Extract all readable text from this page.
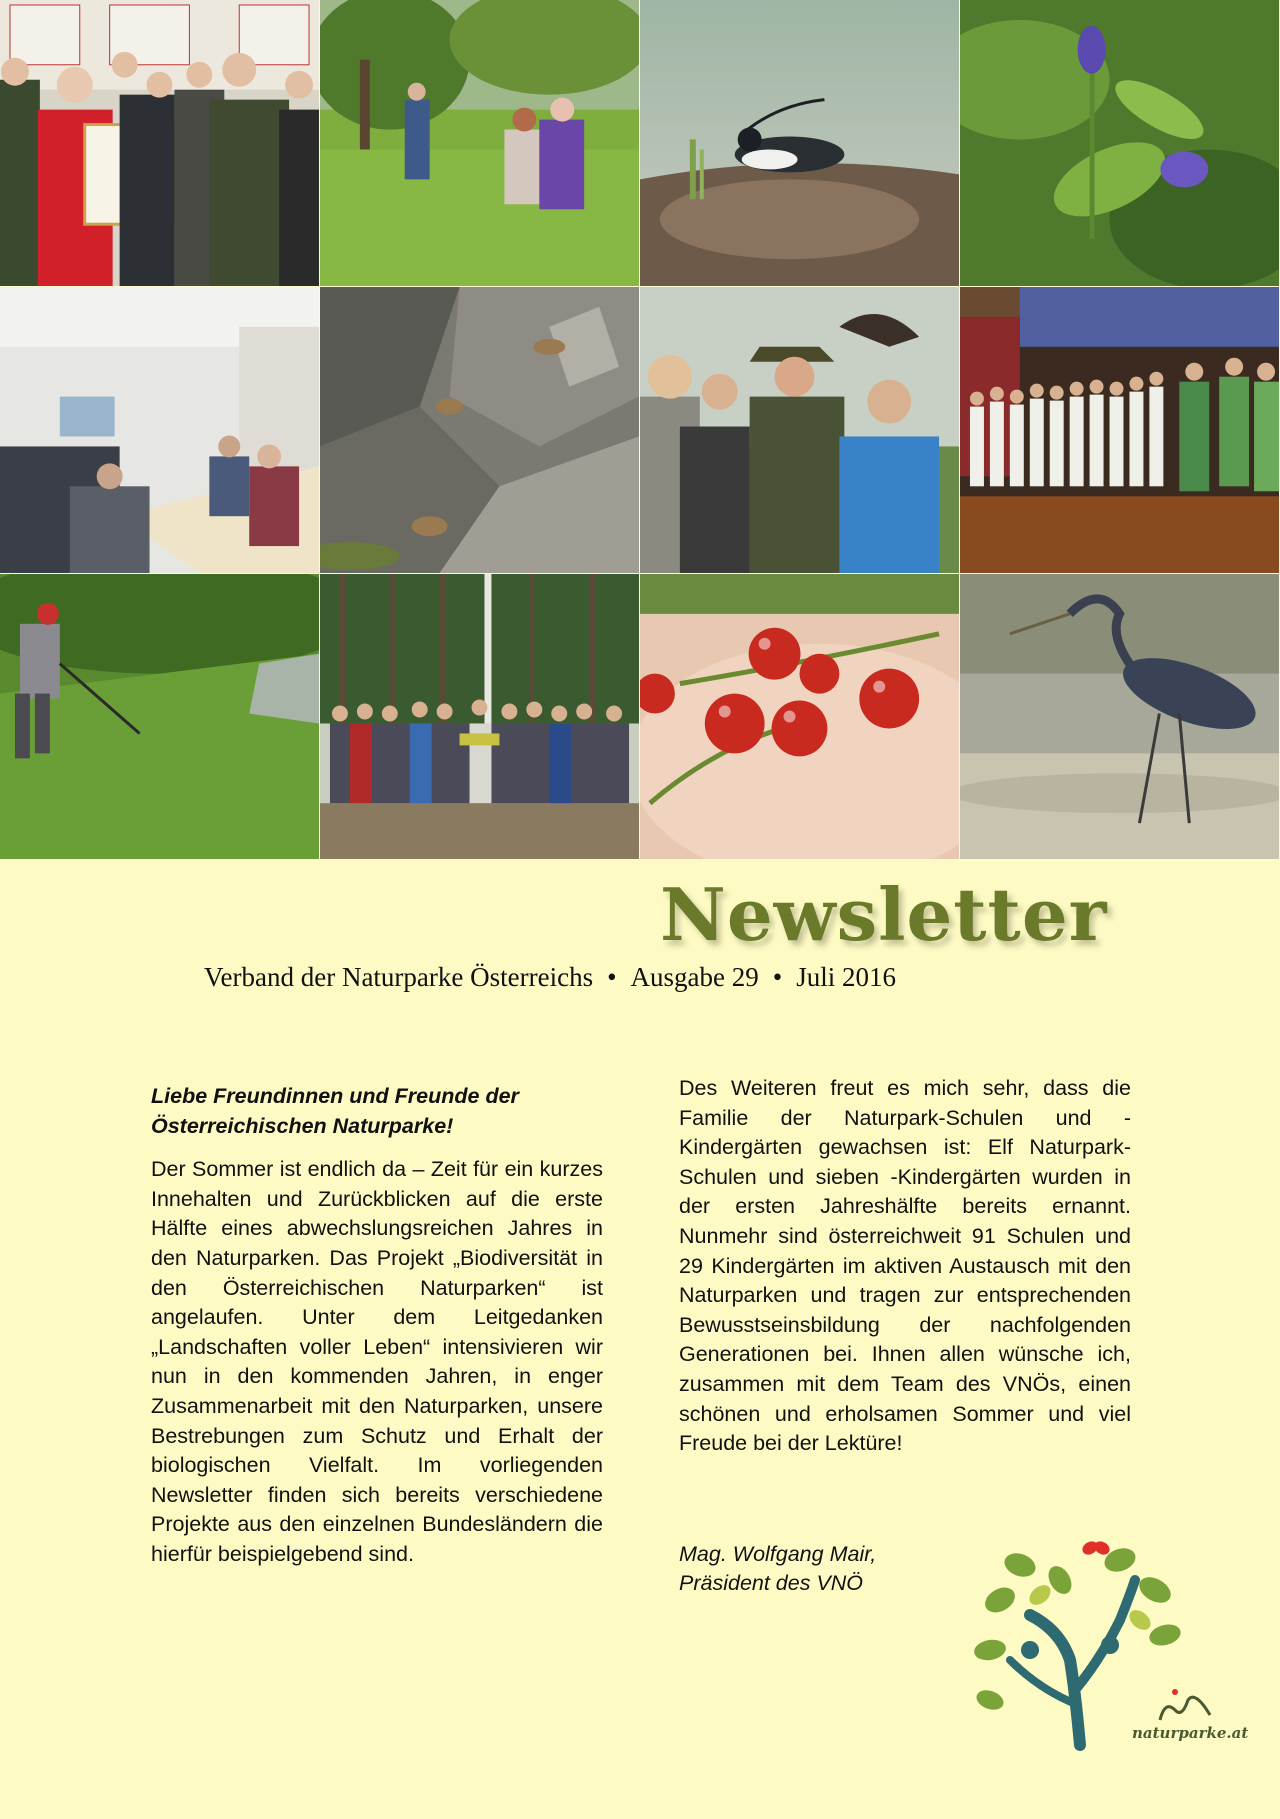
Newsletter
Verband der Naturparke Österreichs • Ausgabe 29 • Juli 2016
Liebe Freundinnen und Freunde der
Österreichischen Naturparke!

Der Sommer ist endlich da – Zeit für ein kurzes Innehalten und Zurückblicken auf die erste Hälfte eines abwechslungsreichen Jahres in den Naturparken. Das Projekt „Biodiversität in den Österreichischen Naturparken“ ist angelaufen. Unter dem Leitgedanken „Landschaften voller Leben“ intensivieren wir nun in den kommenden Jahren, in enger Zusammenarbeit mit den Naturparken, unsere Bestrebungen zum Schutz und Erhalt der biologischen Vielfalt. Im vorliegenden Newsletter finden sich bereits verschiedene Projekte aus den einzelnen Bundesländern die hierfür beispielgebend sind.

Des Weiteren freut es mich sehr, dass die Familie der Naturpark-Schulen und -Kindergärten gewachsen ist: Elf Naturpark-Schulen und sieben -Kindergärten wurden in der ersten Jahreshälfte bereits ernannt. Nunmehr sind österreichweit 91 Schulen und 29 Kindergärten im aktiven Austausch mit den Naturparken und tragen zur entsprechenden Bewusstseinsbildung der nachfolgenden Generationen bei. Ihnen allen wünsche ich, zusammen mit dem Team des VNÖs, einen schönen und erholsamen Sommer und viel Freude bei der Lektüre!

Mag. Wolfgang Mair,
Präsident des VNÖ
naturparke.at
